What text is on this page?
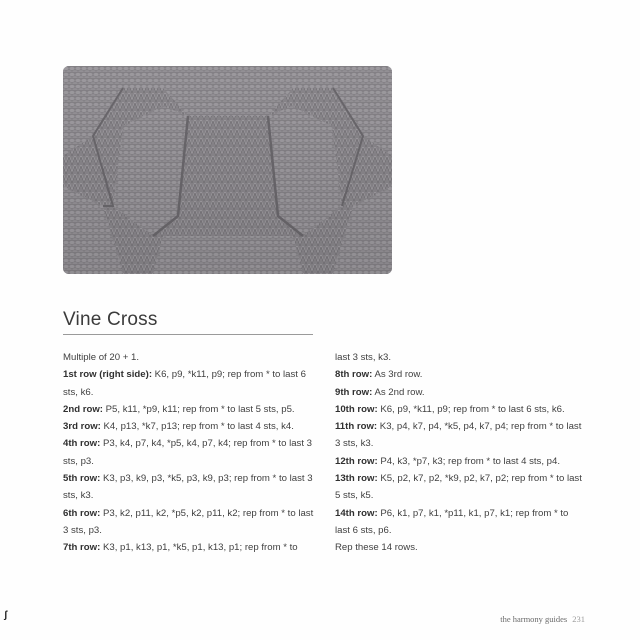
Vine Cross

Multiple of 20 + 1.

1st row (right side): K6, p9, *k11, p9; rep from * to last 6 sts, k6.

2nd row: P5, k11, *p9, k11; rep from * to last 5 sts, p5.

3rd row: K4, p13, *k7, p13; rep from * to last 4 sts, k4.

4th row: P3, k4, p7, k4, *p5, k4, p7, k4; rep from * to last 3 sts, p3.

5th row: K3, p3, k9, p3, *k5, p3, k9, p3; rep from * to last 3 sts, k3.

6th row: P3, k2, p11, k2, *p5, k2, p11, k2; rep from * to last 3 sts, p3.

7th row: K3, p1, k13, p1, *k5, p1, k13, p1; rep from * to

last 3 sts, k3.

8th row: As 3rd row.

9th row: As 2nd row.

10th row: K6, p9, *k11, p9; rep from * to last 6 sts, k6.

11th row: K3, p4, k7, p4, *k5, p4, k7, p4; rep from * to last 3 sts, k3.

12th row: P4, k3, *p7, k3; rep from * to last 4 sts, p4.

13th row: K5, p2, k7, p2, *k9, p2, k7, p2; rep from * to last 5 sts, k5.

14th row: P6, k1, p7, k1, *p11, k1, p7, k1; rep from * to last 6 sts, p6.

Rep these 14 rows.

ʃ	the harmony guides 231
